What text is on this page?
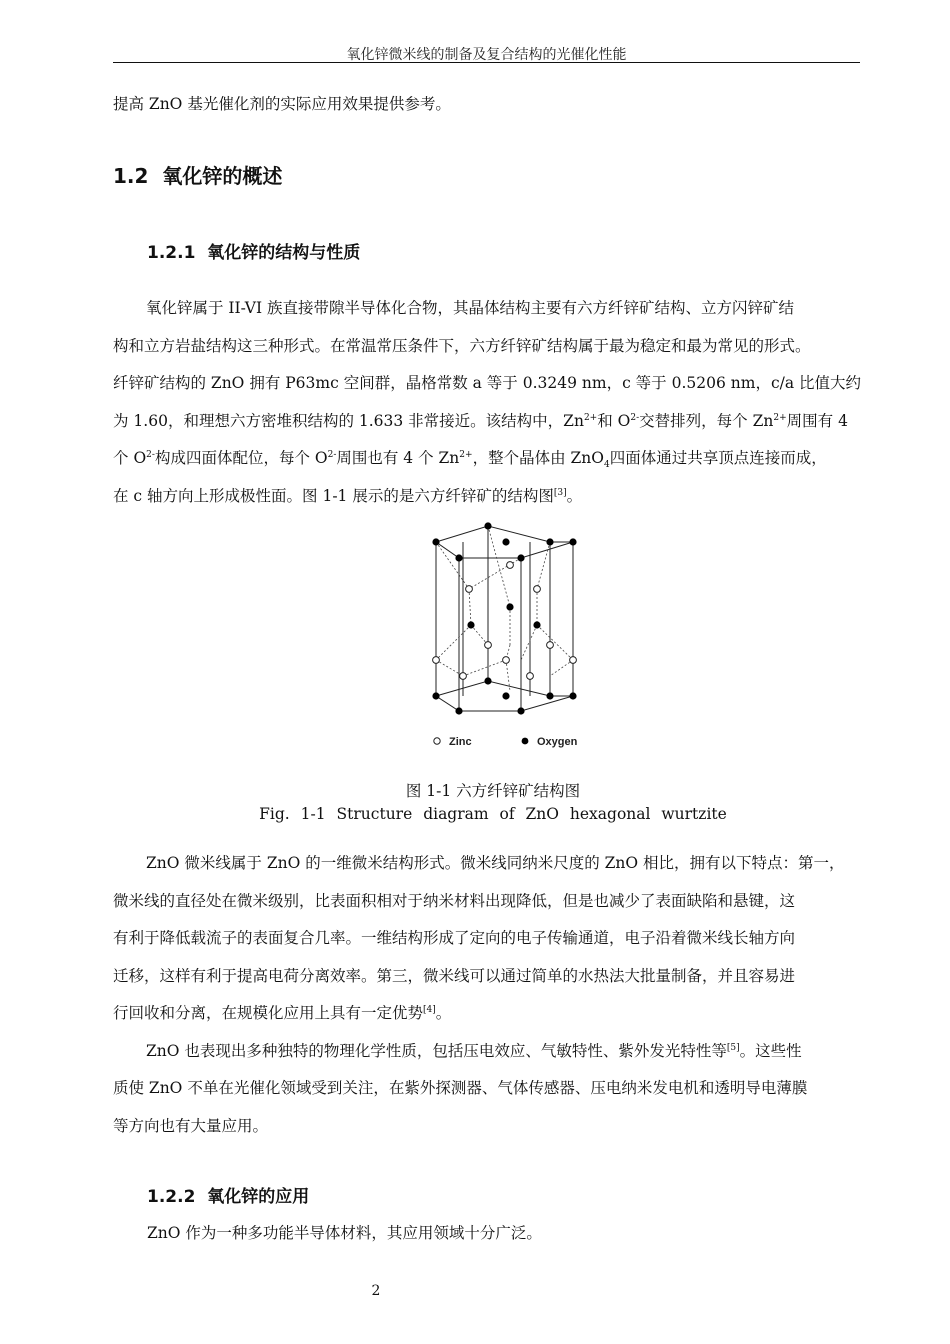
氧化锌微米线的制备及复合结构的光催化性能
提高 ZnO 基光催化剂的实际应用效果提供参考。
1.2 氧化锌的概述
1.2.1 氧化锌的结构与性质
氧化锌属于 II-VI 族直接带隙半导体化合物，其晶体结构主要有六方纤锌矿结构、立方闪锌矿结
构和立方岩盐结构这三种形式。在常温常压条件下，六方纤锌矿结构属于最为稳定和最为常见的形式。
纤锌矿结构的 ZnO 拥有 P63mc 空间群，晶格常数 a 等于 0.3249 nm，c 等于 0.5206 nm，c/a 比值大约
为 1.60，和理想六方密堆积结构的 1.633 非常接近。该结构中，$Zn^{2+}$和 $O^{2-}$交替排列，每个 $Zn^{2+}$周围有 4
个 $O^{2-}$构成四面体配位，每个 $O^{2-}$周围也有 4 个 $Zn^{2+}$，整个晶体由 ZnO$_4$四面体通过共享顶点连接而成，
在 c 轴方向上形成极性面。图 1-1 展示的是六方纤锌矿的结构图[3]。
Zinc	Oxygen
图 1-1 六方纤锌矿结构图
Fig. 1-1 Structure diagram of ZnO hexagonal wurtzite
ZnO 微米线属于 ZnO 的一维微米结构形式。微米线同纳米尺度的 ZnO 相比，拥有以下特点：第一，
微米线的直径处在微米级别，比表面积相对于纳米材料出现降低，但是也减少了表面缺陷和悬键，这
有利于降低载流子的表面复合几率。一维结构形成了定向的电子传输通道，电子沿着微米线长轴方向
迁移，这样有利于提高电荷分离效率。第三，微米线可以通过简单的水热法大批量制备，并且容易进
行回收和分离，在规模化应用上具有一定优势[4]。
ZnO 也表现出多种独特的物理化学性质，包括压电效应、气敏特性、紫外发光特性等[5]。这些性
质使 ZnO 不单在光催化领域受到关注，在紫外探测器、气体传感器、压电纳米发电机和透明导电薄膜
等方向也有大量应用。
1.2.2 氧化锌的应用
ZnO 作为一种多功能半导体材料，其应用领域十分广泛。
2
